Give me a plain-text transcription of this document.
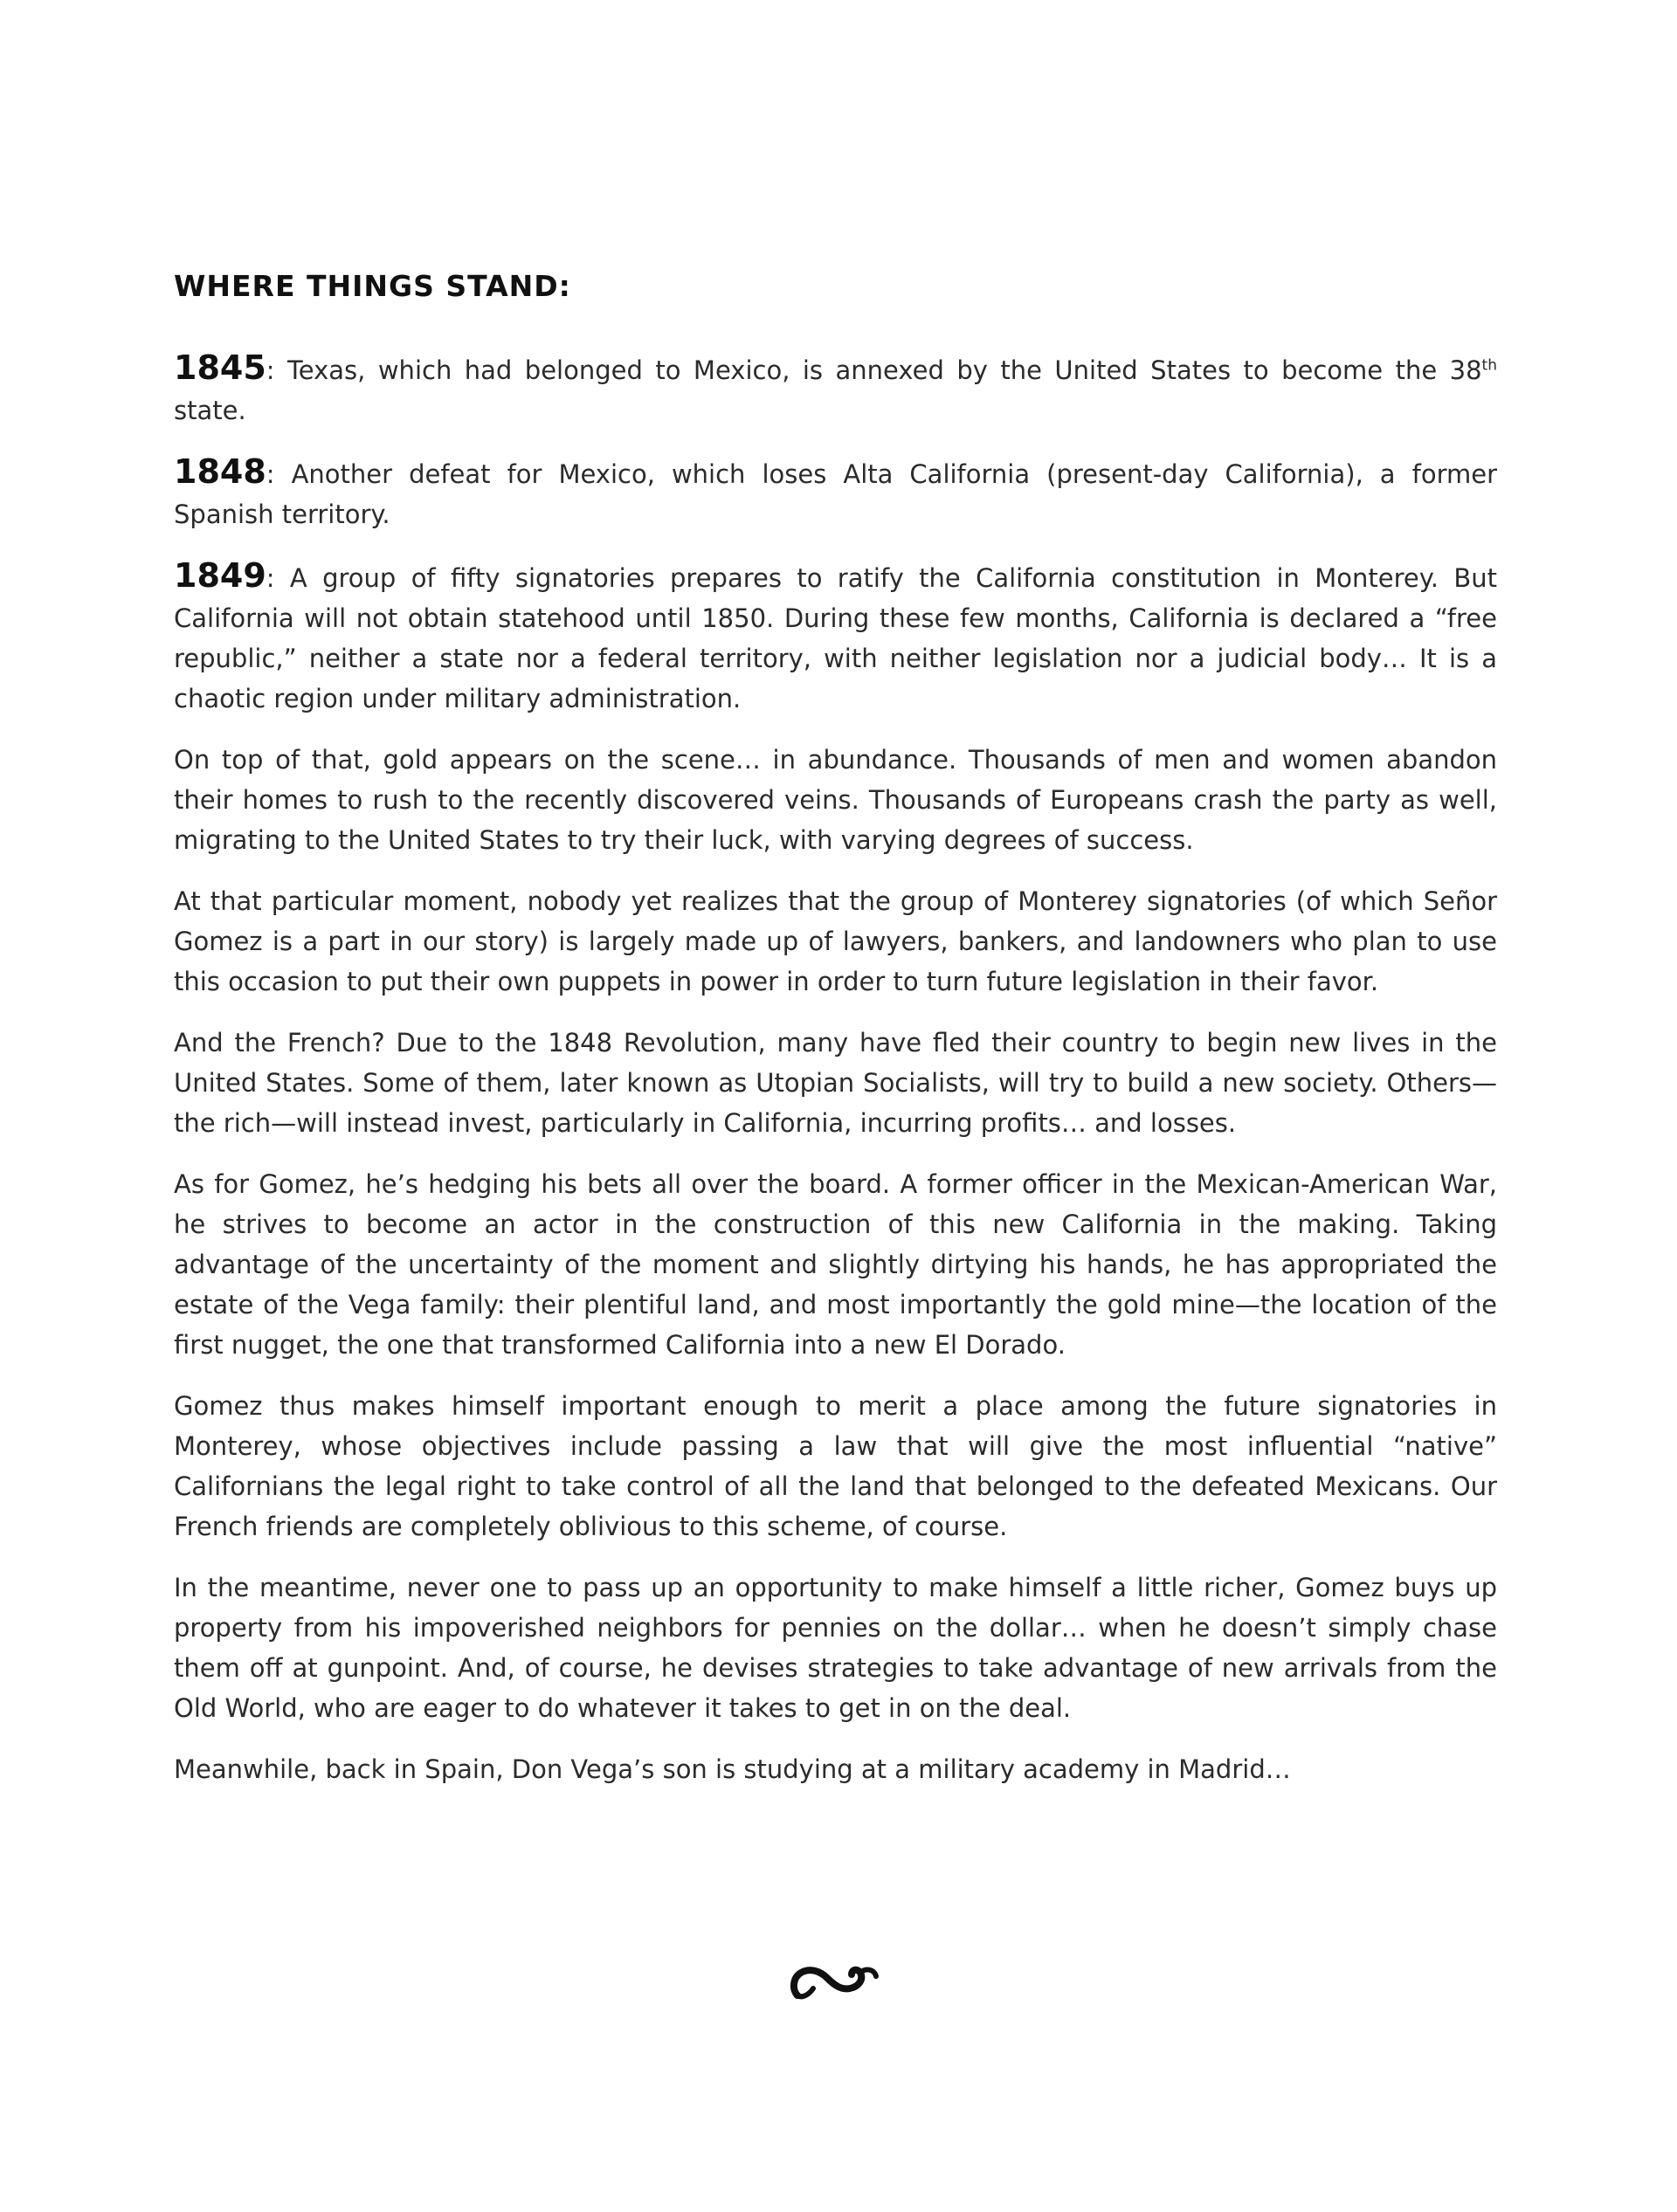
WHERE THINGS STAND:

1845: Texas, which had belonged to Mexico, is annexed by the United States to become the 38th state.

1848: Another defeat for Mexico, which loses Alta California (present-day California), a former Spanish territory.

1849: A group of fifty signatories prepares to ratify the California constitution in Monterey. But California will not obtain statehood until 1850. During these few months, California is declared a “free republic,” neither a state nor a federal territory, with neither legislation nor a judicial body… It is a chaotic region under military administration.

On top of that, gold appears on the scene… in abundance. Thousands of men and women abandon their homes to rush to the recently discovered veins. Thousands of Europeans crash the party as well, migrating to the United States to try their luck, with varying degrees of success.

At that particular moment, nobody yet realizes that the group of Monterey signatories (of which Señor Gomez is a part in our story) is largely made up of lawyers, bankers, and landowners who plan to use this occasion to put their own puppets in power in order to turn future legislation in their favor.

And the French? Due to the 1848 Revolution, many have fled their country to begin new lives in the United States. Some of them, later known as Utopian Socialists, will try to build a new society. Others—the rich—will instead invest, particularly in California, incurring profits… and losses.

As for Gomez, he’s hedging his bets all over the board. A former officer in the Mexican-American War, he strives to become an actor in the construction of this new California in the making. Taking advantage of the uncertainty of the moment and slightly dirtying his hands, he has appropriated the estate of the Vega family: their plentiful land, and most importantly the gold mine—the location of the first nugget, the one that transformed California into a new El Dorado.

Gomez thus makes himself important enough to merit a place among the future signatories in Monterey, whose objectives include passing a law that will give the most influential “native” Californians the legal right to take control of all the land that belonged to the defeated Mexicans. Our French friends are completely oblivious to this scheme, of course.

In the meantime, never one to pass up an opportunity to make himself a little richer, Gomez buys up property from his impoverished neighbors for pennies on the dollar… when he doesn’t simply chase them off at gunpoint. And, of course, he devises strategies to take advantage of new arrivals from the Old World, who are eager to do whatever it takes to get in on the deal.

Meanwhile, back in Spain, Don Vega’s son is studying at a military academy in Madrid…
